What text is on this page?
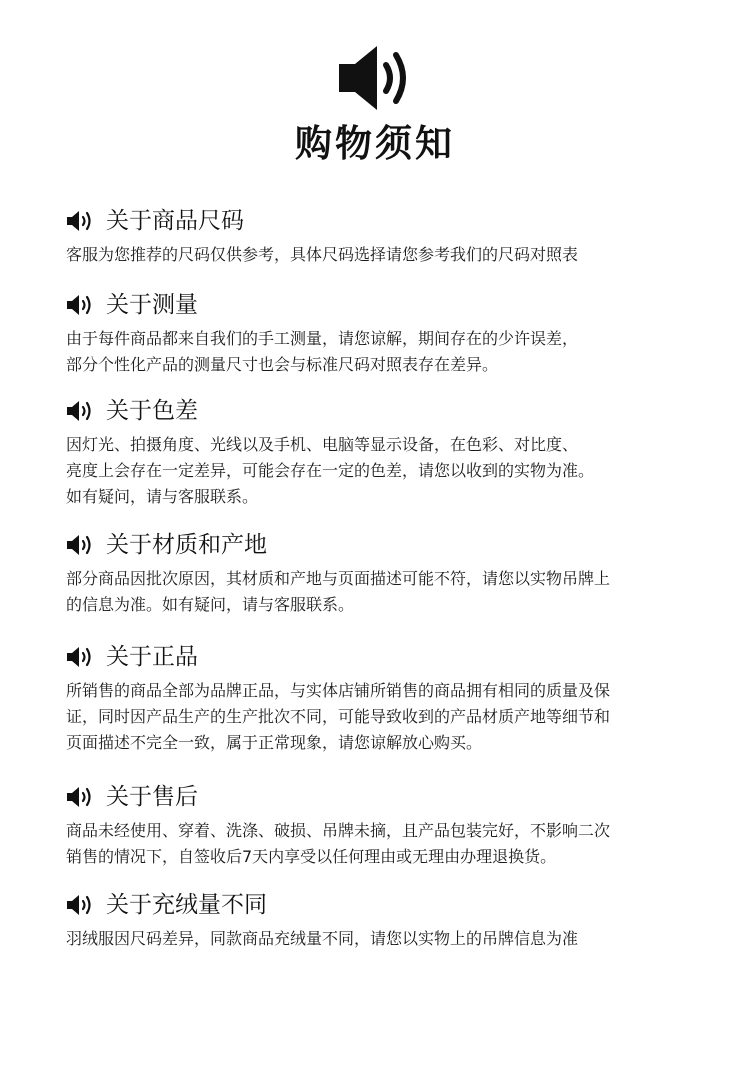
购物须知
关于商品尺码
客服为您推荐的尺码仅供参考，具体尺码选择请您参考我们的尺码对照表
关于测量
由于每件商品都来自我们的手工测量，请您谅解，期间存在的少许误差，
部分个性化产品的测量尺寸也会与标准尺码对照表存在差异。
关于色差
因灯光、拍摄角度、光线以及手机、电脑等显示设备，在色彩、对比度、
亮度上会存在一定差异，可能会存在一定的色差，请您以收到的实物为准。
如有疑问，请与客服联系。
关于材质和产地
部分商品因批次原因，其材质和产地与页面描述可能不符，请您以实物吊牌上
的信息为准。如有疑问，请与客服联系。
关于正品
所销售的商品全部为品牌正品，与实体店铺所销售的商品拥有相同的质量及保
证，同时因产品生产的生产批次不同，可能导致收到的产品材质产地等细节和
页面描述不完全一致，属于正常现象，请您谅解放心购买。
关于售后
商品未经使用、穿着、洗涤、破损、吊牌未摘，且产品包装完好，不影响二次
销售的情况下，自签收后7天内享受以任何理由或无理由办理退换货。
关于充绒量不同
羽绒服因尺码差异，同款商品充绒量不同，请您以实物上的吊牌信息为准
